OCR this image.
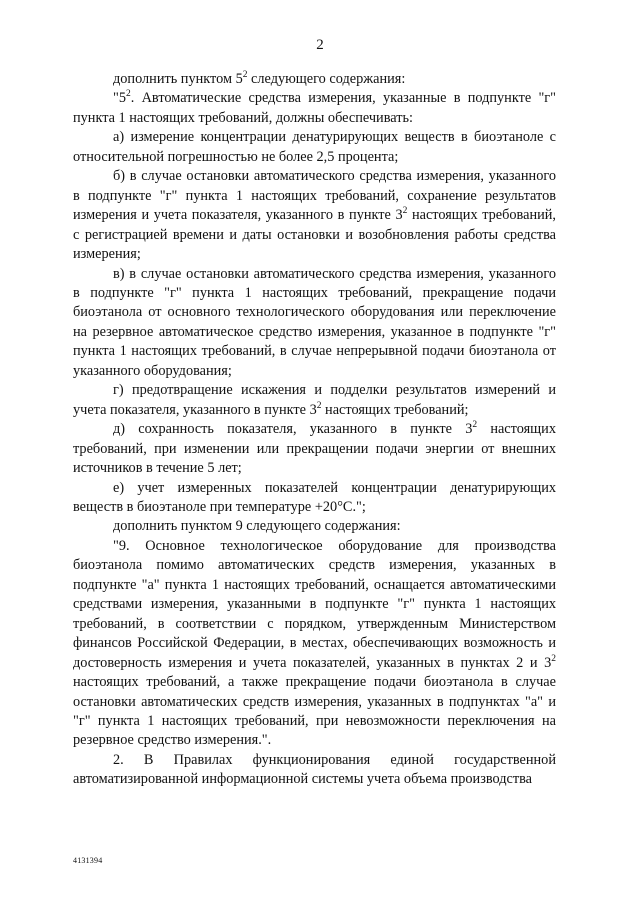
2

дополнить пунктом $5^2$ следующего содержания:

"$5^2$. Автоматические средства измерения, указанные в подпункте "г" пункта 1 настоящих требований, должны обеспечивать:

а) измерение концентрации денатурирующих веществ в биоэтаноле с относительной погрешностью не более 2,5 процента;

б) в случае остановки автоматического средства измерения, указанного в подпункте "г" пункта 1 настоящих требований, сохранение результатов измерения и учета показателя, указанного в пункте $3^2$ настоящих требований, с регистрацией времени и даты остановки и возобновления работы средства измерения;

в) в случае остановки автоматического средства измерения, указанного в подпункте "г" пункта 1 настоящих требований, прекращение подачи биоэтанола от основного технологического оборудования или переключение на резервное автоматическое средство измерения, указанное в подпункте "г" пункта 1 настоящих требований, в случае непрерывной подачи биоэтанола от указанного оборудования;

г) предотвращение искажения и подделки результатов измерений и учета показателя, указанного в пункте $3^2$ настоящих требований;

д) сохранность показателя, указанного в пункте $3^2$ настоящих требований, при изменении или прекращении подачи энергии от внешних источников в течение 5 лет;

е) учет измеренных показателей концентрации денатурирующих веществ в биоэтаноле при температуре +20°С.";

дополнить пунктом 9 следующего содержания:

"9. Основное технологическое оборудование для производства биоэтанола помимо автоматических средств измерения, указанных в подпункте "а" пункта 1 настоящих требований, оснащается автоматическими средствами измерения, указанными в подпункте "г" пункта 1 настоящих требований, в соответствии с порядком, утвержденным Министерством финансов Российской Федерации, в местах, обеспечивающих возможность и достоверность измерения и учета показателей, указанных в пунктах 2 и $3^2$ настоящих требований, а также прекращение подачи биоэтанола в случае остановки автоматических средств измерения, указанных в подпунктах "а" и "г" пункта 1 настоящих требований, при невозможности переключения на резервное средство измерения.".

2. В Правилах функционирования единой государственной автоматизированной информационной системы учета объема производства

4131394
